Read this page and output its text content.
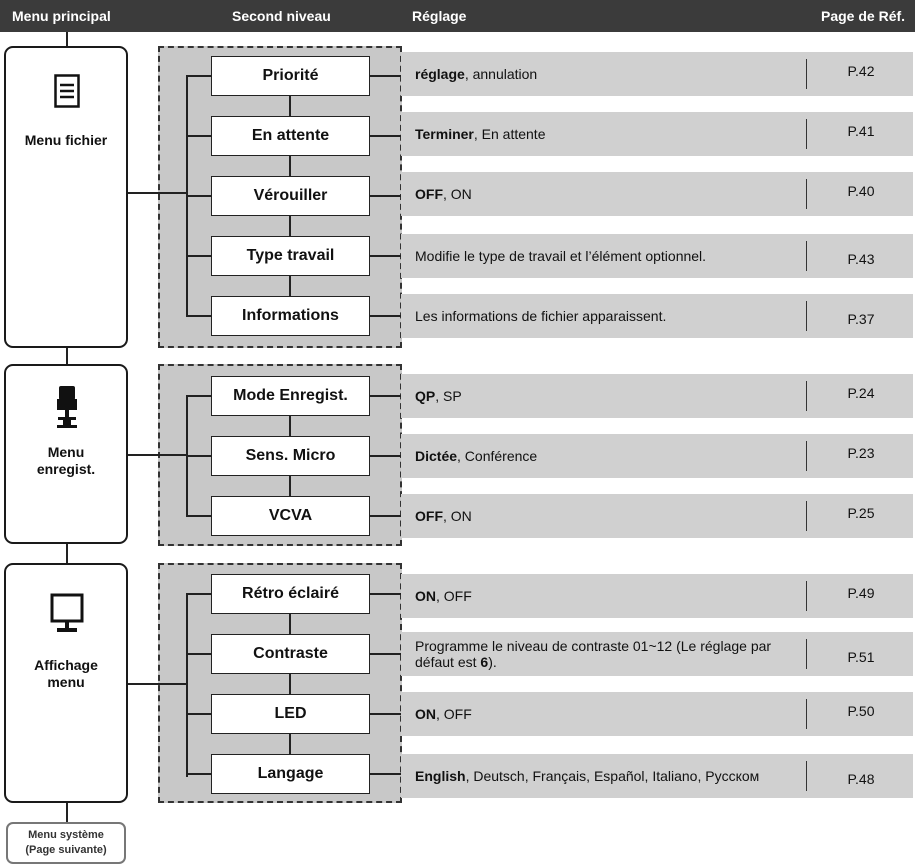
Menu principal	Second niveau	Réglage	Page de Réf.
Menu fichier
Menu
enregist.
Affichage
menu
Priorité	réglage, annulation	P.42
En attente	Terminer, En attente	P.41
Vérouiller	OFF, ON	P.40
Type travail	Modifie le type de travail et l’élément optionnel.	P.43
Informations	Les informations de fichier apparaissent.	P.37
Mode Enregist.	QP, SP	P.24
Sens. Micro	Dictée, Conférence	P.23
VCVA	OFF, ON	P.25
Rétro éclairé	ON, OFF	P.49
Contraste	Programme le niveau de contraste 01~12 (Le réglage par défaut est 6).	P.51
LED	ON, OFF	P.50
Langage	English, Deutsch, Français, Español, Italiano, Pycском	P.48
Menu système
(Page suivante)
